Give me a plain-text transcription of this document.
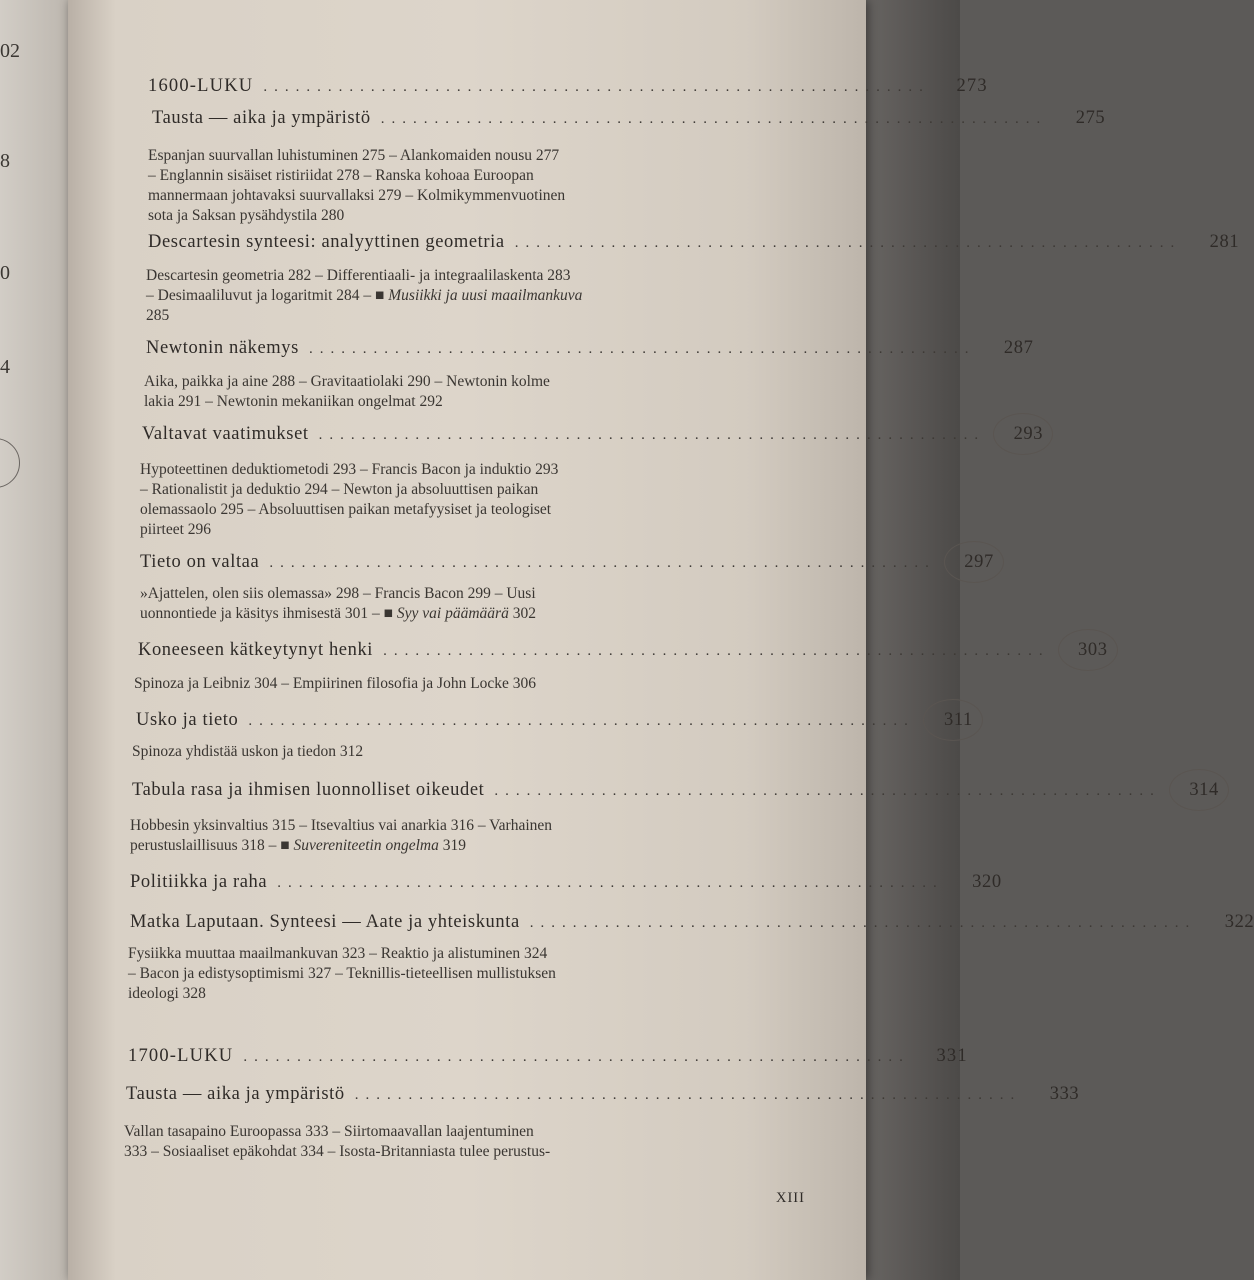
02
8
0
4
1600-LUKU ..............................................................	273
Tausta — aika ja ympäristö ..............................................................	275
Espanjan suurvallan luhistuminen 275 – Alankomaiden nousu 277
– Englannin sisäiset ristiriidat 278 – Ranska kohoaa Euroopan
mannermaan johtavaksi suurvallaksi 279 – Kolmikymmenvuotinen
sota ja Saksan pysähdystila 280
Descartesin synteesi: analyyttinen geometria ..............................................................	281
Descartesin geometria 282 – Differentiaali- ja integraalilaskenta 283
– Desimaaliluvut ja logaritmit 284 – ■ Musiikki ja uusi maailmankuva
285
Newtonin näkemys ..............................................................	287
Aika, paikka ja aine 288 – Gravitaatiolaki 290 – Newtonin kolme
lakia 291 – Newtonin mekaniikan ongelmat 292
Valtavat vaatimukset ..............................................................	293
Hypoteettinen deduktiometodi 293 – Francis Bacon ja induktio 293
– Rationalistit ja deduktio 294 – Newton ja absoluuttisen paikan
olemassaolo 295 – Absoluuttisen paikan metafyysiset ja teologiset
piirteet 296
Tieto on valtaa ..............................................................	297
»Ajattelen, olen siis olemassa» 298 – Francis Bacon 299 – Uusi
uonnontiede ja käsitys ihmisestä 301 – ■ Syy vai päämäärä 302
Koneeseen kätkeytynyt henki ..............................................................	303
Spinoza ja Leibniz 304 – Empiirinen filosofia ja John Locke 306
Usko ja tieto ..............................................................	311
Spinoza yhdistää uskon ja tiedon 312
Tabula rasa ja ihmisen luonnolliset oikeudet ..............................................................	314
Hobbesin yksinvaltius 315 – Itsevaltius vai anarkia 316 – Varhainen
perustuslaillisuus 318 – ■ Suvereniteetin ongelma 319
Politiikka ja raha ..............................................................	320
Matka Laputaan. Synteesi — Aate ja yhteiskunta ..............................................................	322
Fysiikka muuttaa maailmankuvan 323 – Reaktio ja alistuminen 324
– Bacon ja edistysoptimismi 327 – Teknillis-tieteellisen mullistuksen
ideologi 328
1700-LUKU ..............................................................	331
Tausta — aika ja ympäristö ..............................................................	333
Vallan tasapaino Euroopassa 333 – Siirtomaavallan laajentuminen
333 – Sosiaaliset epäkohdat 334 – Isosta-Britanniasta tulee perustus-
XIII
